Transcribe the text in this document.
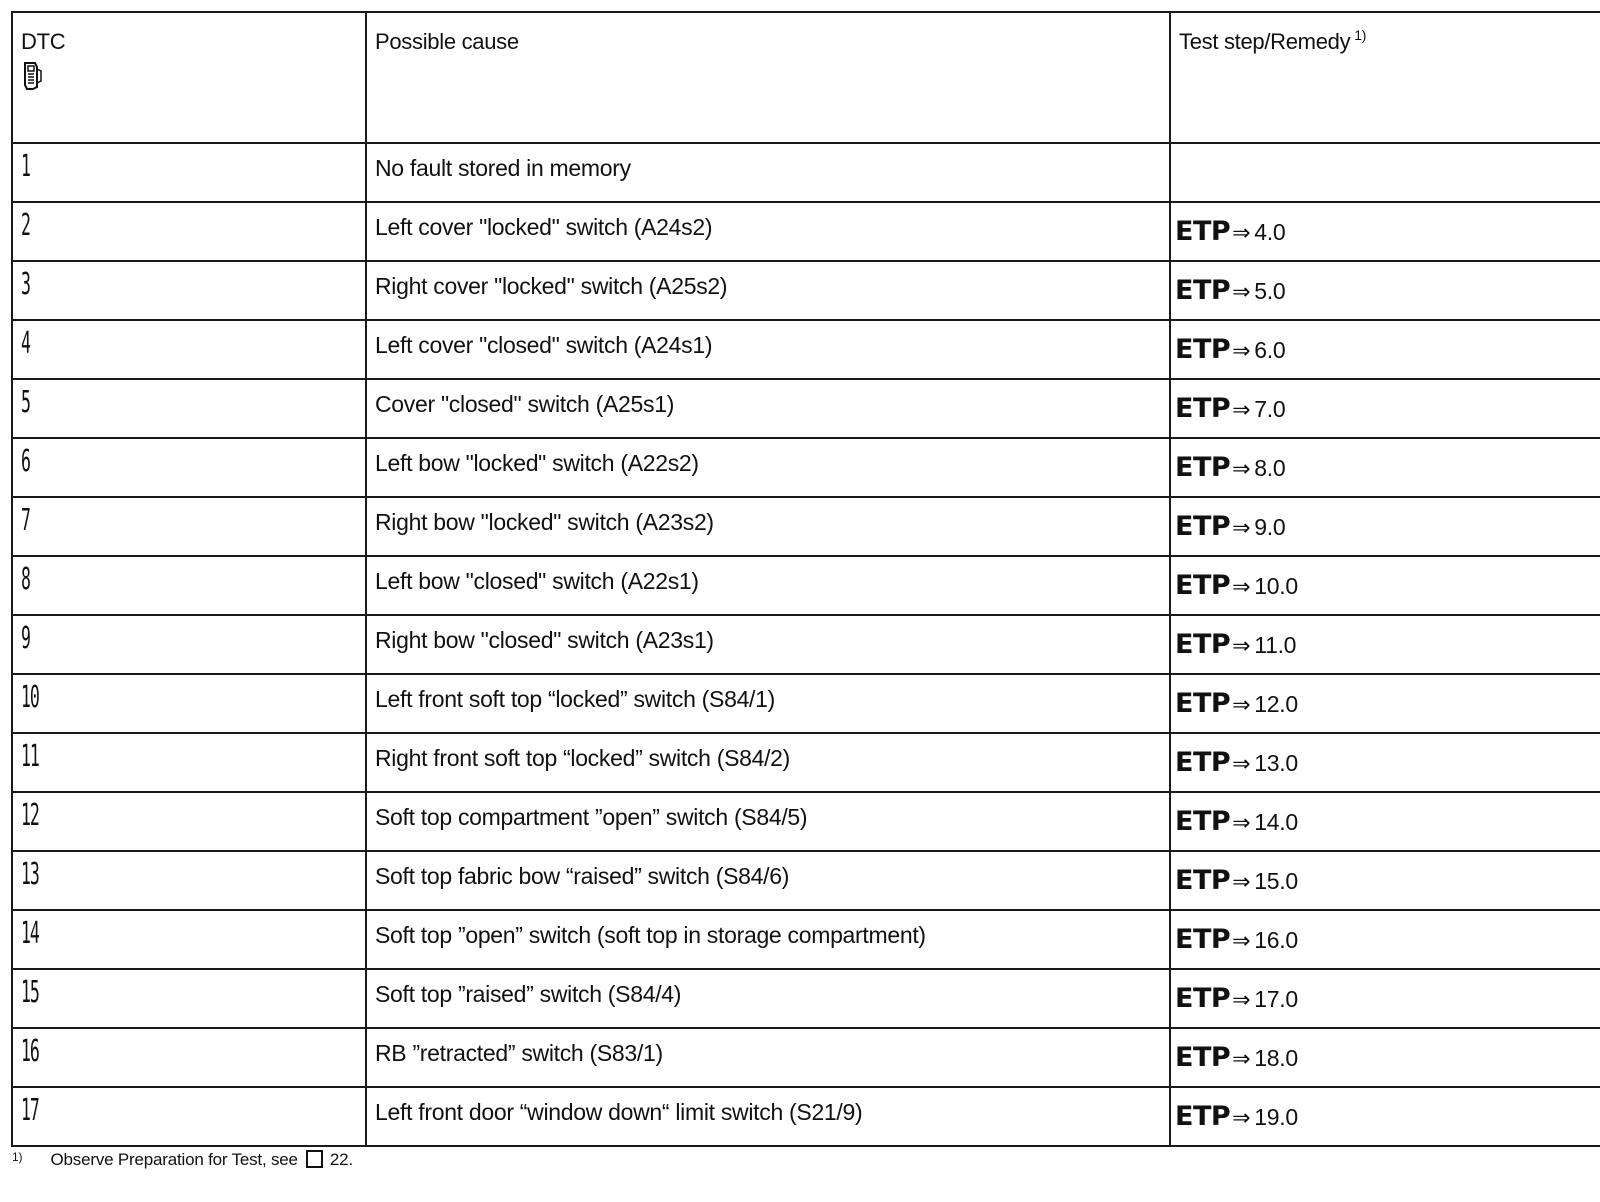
DTC	Possible cause	Test step/Remedy $^{1)}$
1	No fault stored in memory	
2	Left cover "locked" switch (A24s2)	ETP⇒ 4.0
3	Right cover "locked" switch (A25s2)	ETP⇒ 5.0
4	Left cover "closed" switch (A24s1)	ETP⇒ 6.0
5	Cover "closed" switch (A25s1)	ETP⇒ 7.0
6	Left bow "locked" switch (A22s2)	ETP⇒ 8.0
7	Right bow "locked" switch (A23s2)	ETP⇒ 9.0
8	Left bow "closed" switch (A22s1)	ETP⇒ 10.0
9	Right bow "closed" switch (A23s1)	ETP⇒ 11.0
10	Left front soft top “locked” switch (S84/1)	ETP⇒ 12.0
11	Right front soft top “locked” switch (S84/2)	ETP⇒ 13.0
12	Soft top compartment ”open” switch (S84/5)	ETP⇒ 14.0
13	Soft top fabric bow “raised” switch (S84/6)	ETP⇒ 15.0
14	Soft top ”open” switch (soft top in storage compartment)	ETP⇒ 16.0
15	Soft top ”raised” switch (S84/4)	ETP⇒ 17.0
16	RB ”retracted” switch (S83/1)	ETP⇒ 18.0
17	Left front door “window down“ limit switch (S21/9)	ETP⇒ 19.0
1) Observe Preparation for Test, see 22.
